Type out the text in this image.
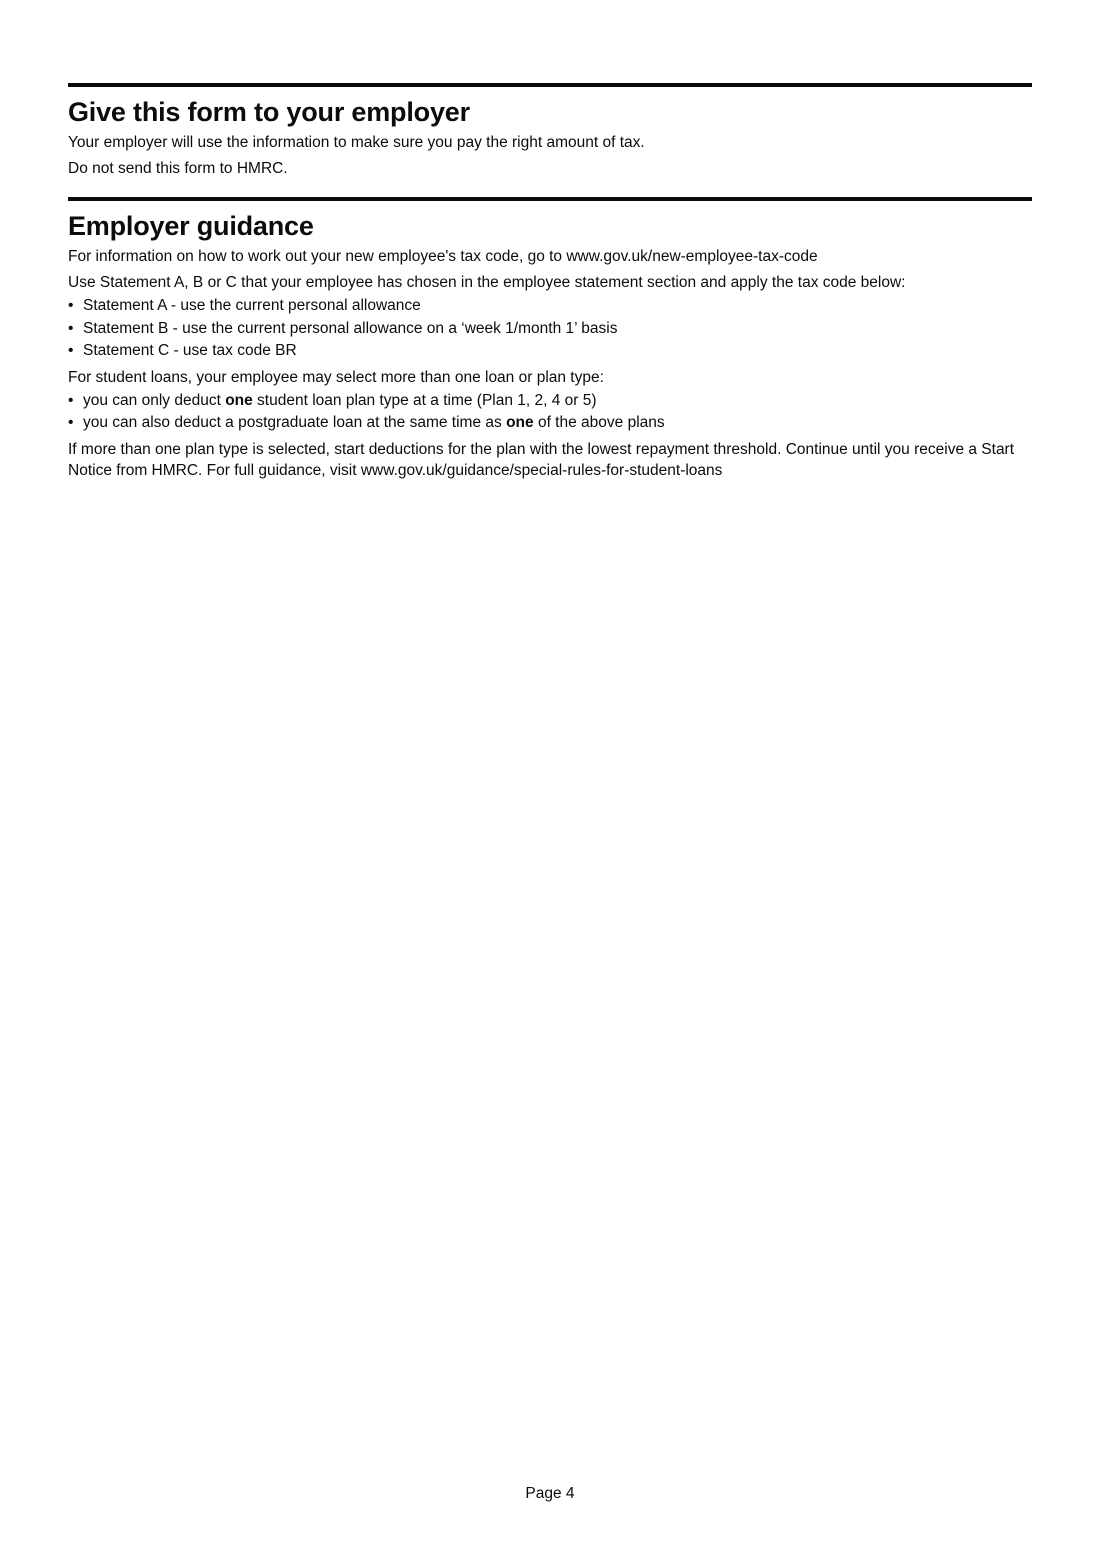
Give this form to your employer

Your employer will use the information to make sure you pay the right amount of tax.

Do not send this form to HMRC.

Employer guidance

For information on how to work out your new employee's tax code, go to www.gov.uk/new-employee-tax-code

Use Statement A, B or C that your employee has chosen in the employee statement section and apply the tax code below:

• Statement A - use the current personal allowance
• Statement B - use the current personal allowance on a ‘week 1/month 1’ basis
• Statement C - use tax code BR

For student loans, your employee may select more than one loan or plan type:

• you can only deduct one student loan plan type at a time (Plan 1, 2, 4 or 5)
• you can also deduct a postgraduate loan at the same time as one of the above plans

If more than one plan type is selected, start deductions for the plan with the lowest repayment threshold. Continue until you receive a Start Notice from HMRC. For full guidance, visit www.gov.uk/guidance/special-rules-for-student-loans

Page 4
